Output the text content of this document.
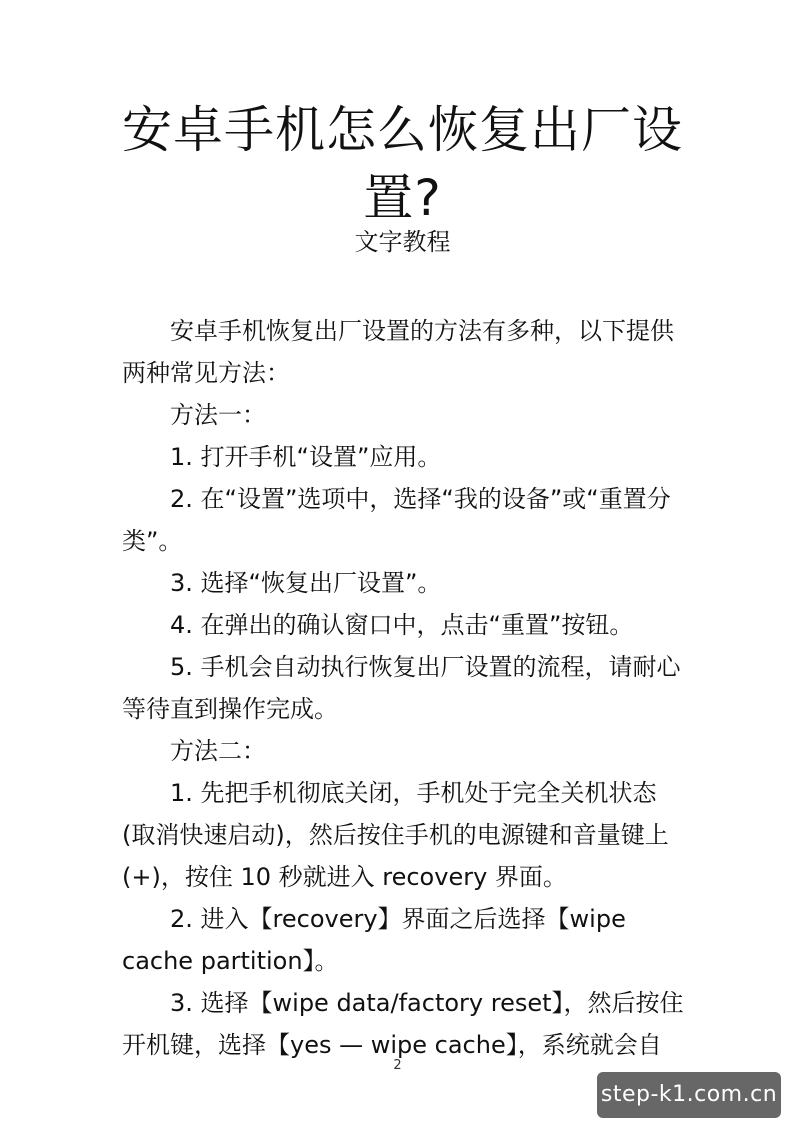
安卓手机怎么恢复出厂设
置?
文字教程

安卓手机恢复出厂设置的方法有多种，以下提供两种常见方法：

方法一：

1. 打开手机“设置”应用。

2. 在“设置”选项中，选择“我的设备”或“重置分类”。

3. 选择“恢复出厂设置”。

4. 在弹出的确认窗口中，点击“重置”按钮。

5. 手机会自动执行恢复出厂设置的流程，请耐心等待直到操作完成。

方法二：

1. 先把手机彻底关闭，手机处于完全关机状态(取消快速启动)，然后按住手机的电源键和音量键上(+)，按住 10 秒就进入 recovery 界面。

2. 进入【recovery】界面之后选择【wipe cache partition】。

3. 选择【wipe data/factory reset】，然后按住开机键，选择【yes — wipe cache】，系统就会自

2
step-k1.com.cn
